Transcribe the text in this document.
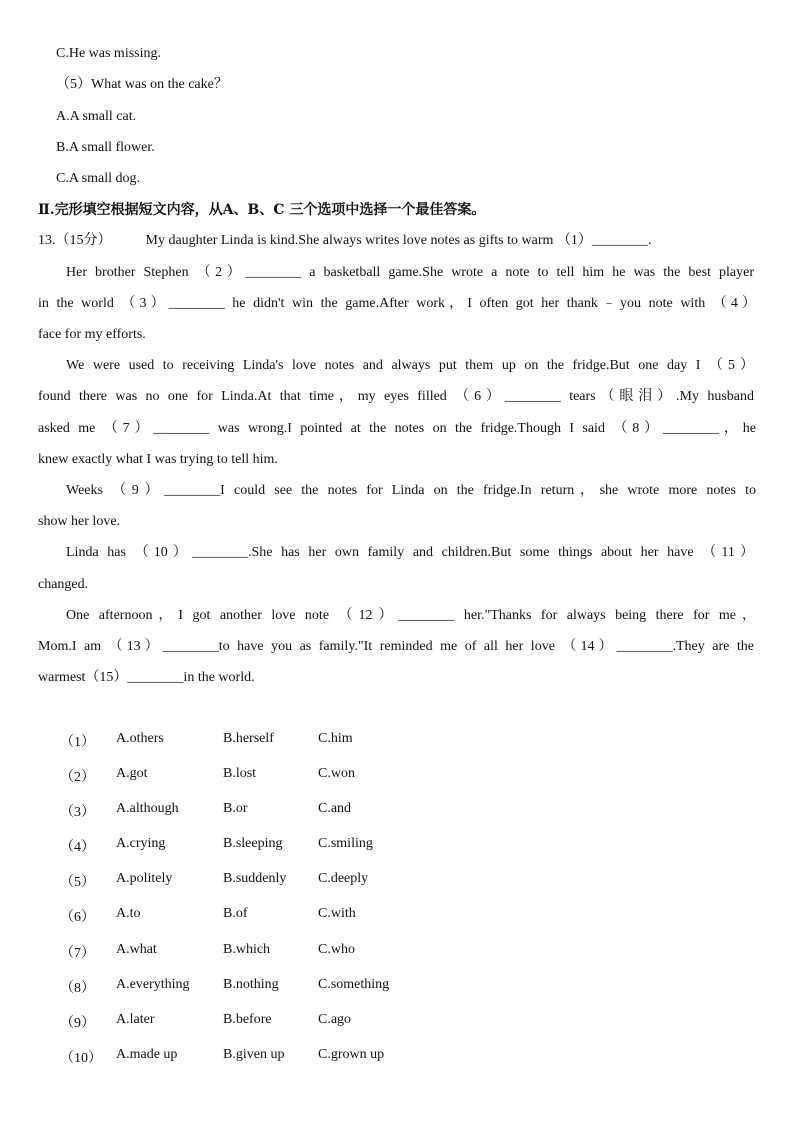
C.He was missing.
（5）What was on the cake？
A.A small cat.
B.A small flower.
C.A small dog.
Ⅱ.完形填空根据短文内容，从A、B、C 三个选项中选择一个最佳答案。
13.（15分） My daughter Linda is kind.She always writes love notes as gifts to warm （1）________.
Her brother Stephen （2）________ a basketball game.She wrote a note to tell him he was the best player
in the world （3）________ he didn't win the game.After work，I often got her thank﹣you note with （4）
face for my efforts.
We were used to receiving Linda's love notes and always put them up on the fridge.But one day I （5）
found there was no one for Linda.At that time，my eyes filled （6）________ tears（眼泪）.My husband
asked me （7）________ was wrong.I pointed at the notes on the fridge.Though I said （8）________，he
knew exactly what I was trying to tell him.
Weeks （9）________I could see the notes for Linda on the fridge.In return，she wrote more notes to
show her love.
Linda has （10）________.She has her own family and children.But some things about her have （11）
changed.
One afternoon，I got another love note （12）________ her."Thanks for always being there for me，
Mom.I am （13）________to have you as family."It reminded me of all her love （14）________.They are the
warmest（15）________in the world.
（1）	A.others	B.herself	C.him
（2）	A.got	B.lost	C.won
（3）	A.although	B.or	C.and
（4）	A.crying	B.sleeping	C.smiling
（5）	A.politely	B.suddenly	C.deeply
（6）	A.to	B.of	C.with
（7）	A.what	B.which	C.who
（8）	A.everything	B.nothing	C.something
（9）	A.later	B.before	C.ago
（10）	A.made up	B.given up	C.grown up
